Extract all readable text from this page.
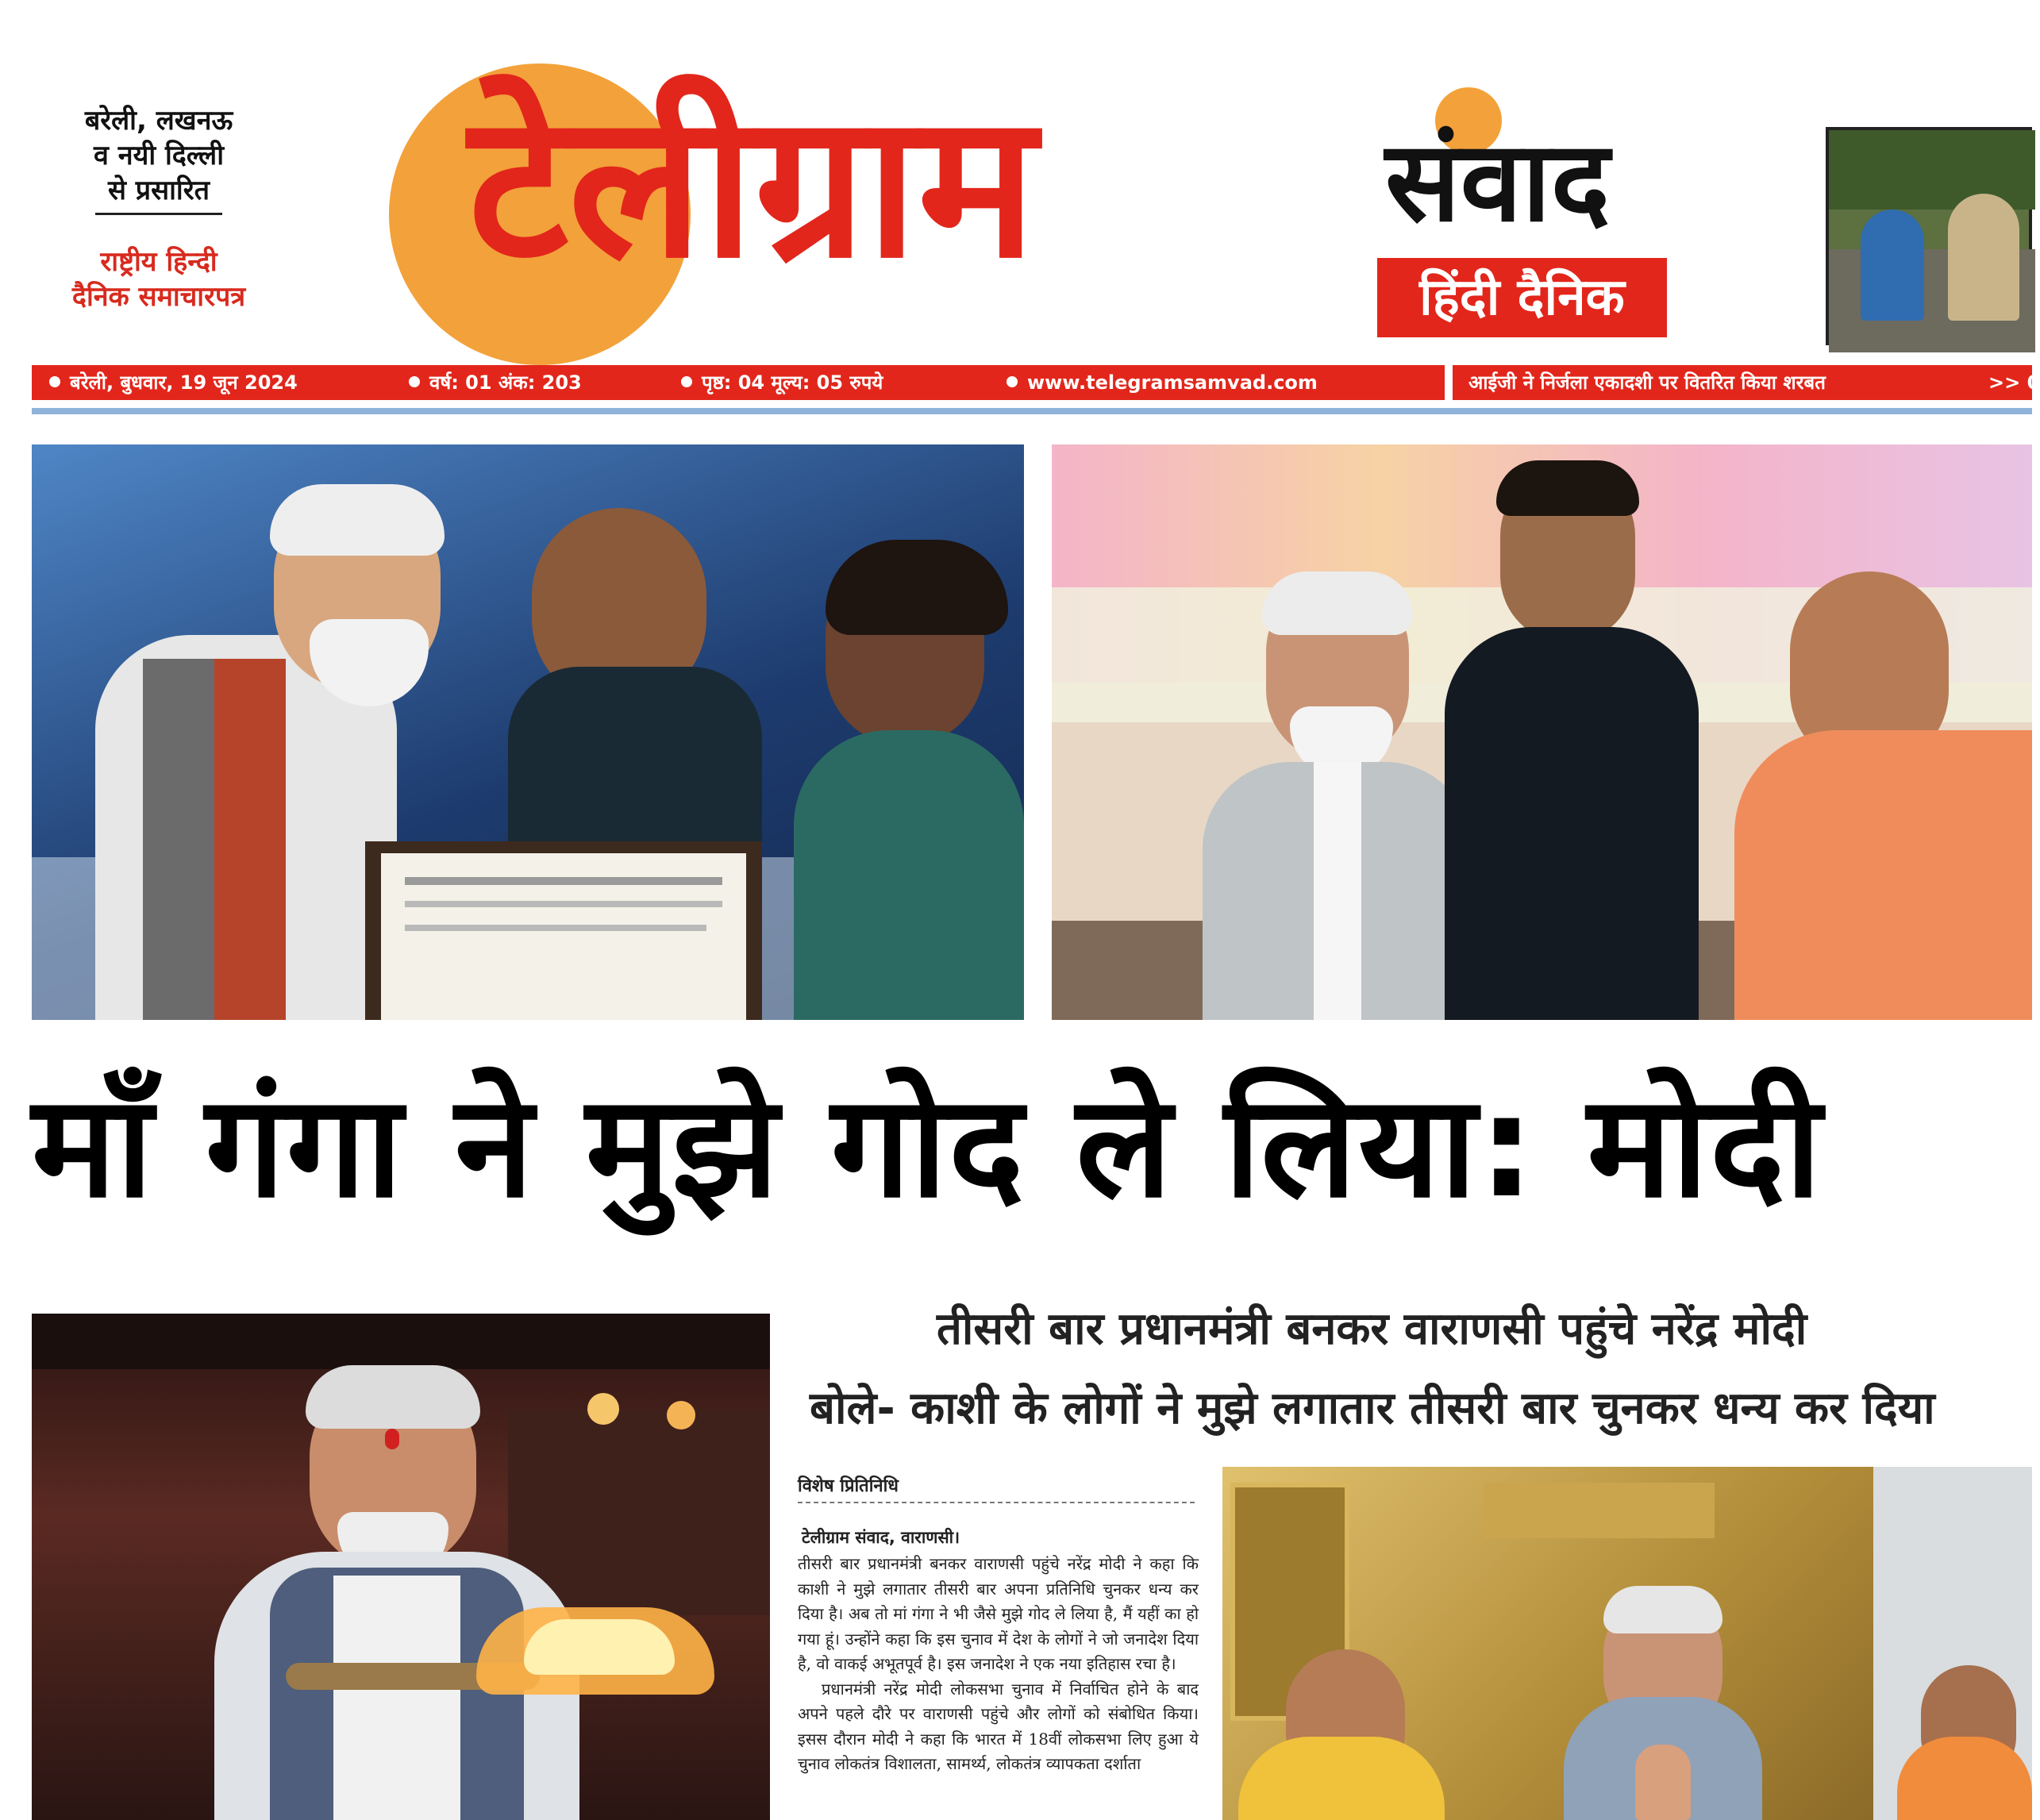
बरेली, लखनऊ
व नयी दिल्ली
से प्रसारित
राष्ट्रीय हिन्दी
दैनिक समाचारपत्र टेलीग्राम	संवाद
हिंदी दैनिक
बरेली, बुधवार, 19 जून 2024	वर्ष: 01 अंक: 203	पृष्ठ: 04 मूल्य: 05 रुपये	www.telegramsamvad.com	आईजी ने निर्जला एकादशी पर वितरित किया शरबत	>> 0
माँ गंगा ने मुझे गोद ले लिया: मोदी
तीसरी बार प्रधानमंत्री बनकर वाराणसी पहुंचे नरेंद्र मोदी
बोले- काशी के लोगों ने मुझे लगातार तीसरी बार चुनकर धन्य कर दिया
विशेष प्रितिनिधि
टेलीग्राम संवाद, वाराणसी।

तीसरी बार प्रधानमंत्री बनकर वाराणसी पहुंचे नरेंद्र मोदी ने कहा कि काशी ने मुझे लगातार तीसरी बार अपना प्रतिनिधि चुनकर धन्य कर दिया है। अब तो मां गंगा ने भी जैसे मुझे गोद ले लिया है, मैं यहीं का हो गया हूं। उन्होंने कहा कि इस चुनाव में देश के लोगों ने जो जनादेश दिया है, वो वाकई अभूतपूर्व है। इस जनादेश ने एक नया इतिहास रचा है।

प्रधानमंत्री नरेंद्र मोदी लोकसभा चुनाव में निर्वाचित होने के बाद अपने पहले दौरे पर वाराणसी पहुंचे और लोगों को संबोधित किया। इसस दौरान मोदी ने कहा कि भारत में 18वीं लोकसभा लिए हुआ ये चुनाव लोकतंत्र विशालता, सामर्थ्य, लोकतंत्र व्यापकता दर्शाता
